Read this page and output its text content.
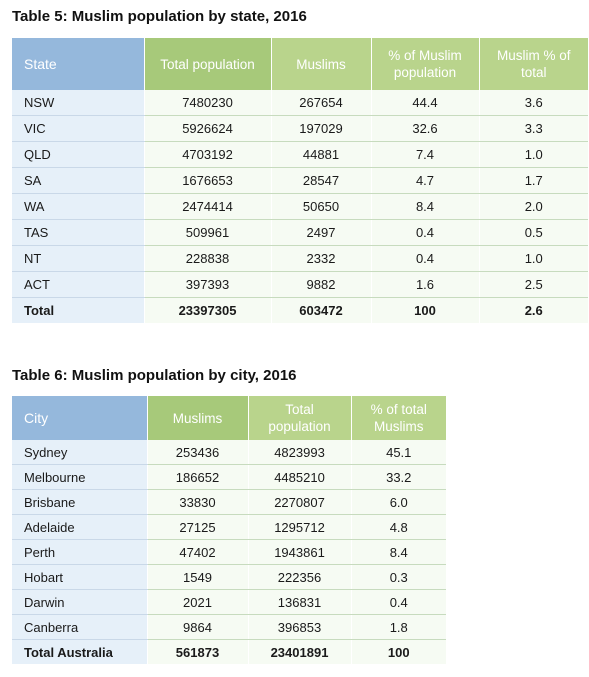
Table 5: Muslim population by state, 2016
State	Total population	Muslims	% of Muslim population	Muslim % of total
NSW	7480230	267654	44.4	3.6
VIC	5926624	197029	32.6	3.3
QLD	4703192	44881	7.4	1.0
SA	1676653	28547	4.7	1.7
WA	2474414	50650	8.4	2.0
TAS	509961	2497	0.4	0.5
NT	228838	2332	0.4	1.0
ACT	397393	9882	1.6	2.5
Total	23397305	603472	100	2.6
Table 6: Muslim population by city, 2016
City	Muslims	Total population	% of total Muslims
Sydney	253436	4823993	45.1
Melbourne	186652	4485210	33.2
Brisbane	33830	2270807	6.0
Adelaide	27125	1295712	4.8
Perth	47402	1943861	8.4
Hobart	1549	222356	0.3
Darwin	2021	136831	0.4
Canberra	9864	396853	1.8
Total Australia	561873	23401891	100
